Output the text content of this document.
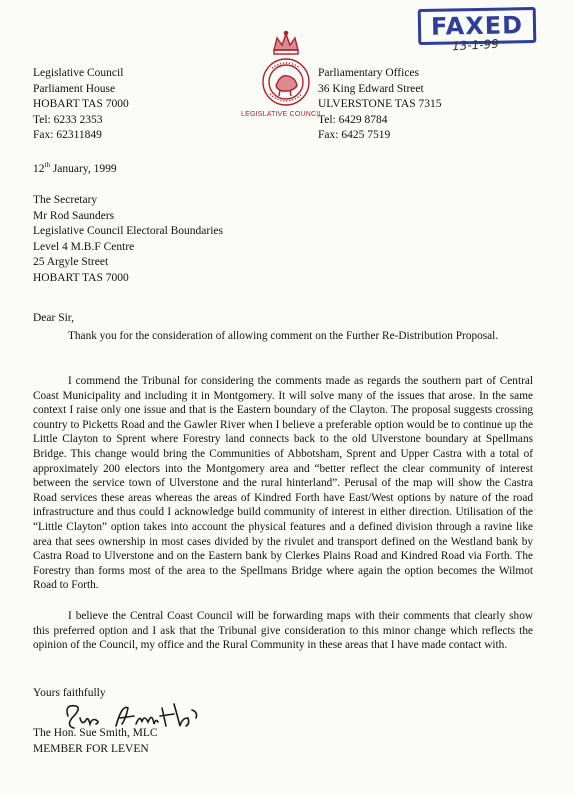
FAXED
13-1-99
LEGISLATIVE COUNCIL
Legislative Council
Parliament House
HOBART TAS 7000
Tel: 6233 2353
Fax: 62311849
Parliamentary Offices
36 King Edward Street
ULVERSTONE TAS 7315
Tel: 6429 8784
Fax: 6425 7519
12th January, 1999
The Secretary
Mr Rod Saunders
Legislative Council Electoral Boundaries
Level 4 M.B.F Centre
25 Argyle Street
HOBART TAS 7000
Dear Sir,

Thank you for the consideration of allowing comment on the Further Re-Distribution Proposal.

I commend the Tribunal for considering the comments made as regards the southern part of Central Coast Municipality and including it in Montgomery. It will solve many of the issues that arose. In the same context I raise only one issue and that is the Eastern boundary of the Clayton. The proposal suggests crossing country to Picketts Road and the Gawler River when I believe a preferable option would be to continue up the Little Clayton to Sprent where Forestry land connects back to the old Ulverstone boundary at Spellmans Bridge. This change would bring the Communities of Abbotsham, Sprent and Upper Castra with a total of approximately 200 electors into the Montgomery area and “better reflect the clear community of interest between the service town of Ulverstone and the rural hinterland”. Perusal of the map will show the Castra Road services these areas whereas the areas of Kindred Forth have East/West options by nature of the road infrastructure and thus could I acknowledge build community of interest in either direction. Utilisation of the “Little Clayton” option takes into account the physical features and a defined division through a ravine like area that sees ownership in most cases divided by the rivulet and transport defined on the Westland bank by Castra Road to Ulverstone and on the Eastern bank by Clerkes Plains Road and Kindred Road via Forth. The Forestry than forms most of the area to the Spellmans Bridge where again the option becomes the Wilmot Road to Forth.

I believe the Central Coast Council will be forwarding maps with their comments that clearly show this preferred option and I ask that the Tribunal give consideration to this minor change which reflects the opinion of the Council, my office and the Rural Community in these areas that I have made contact with.

Yours faithfully
The Hon. Sue Smith, MLC
MEMBER FOR LEVEN
